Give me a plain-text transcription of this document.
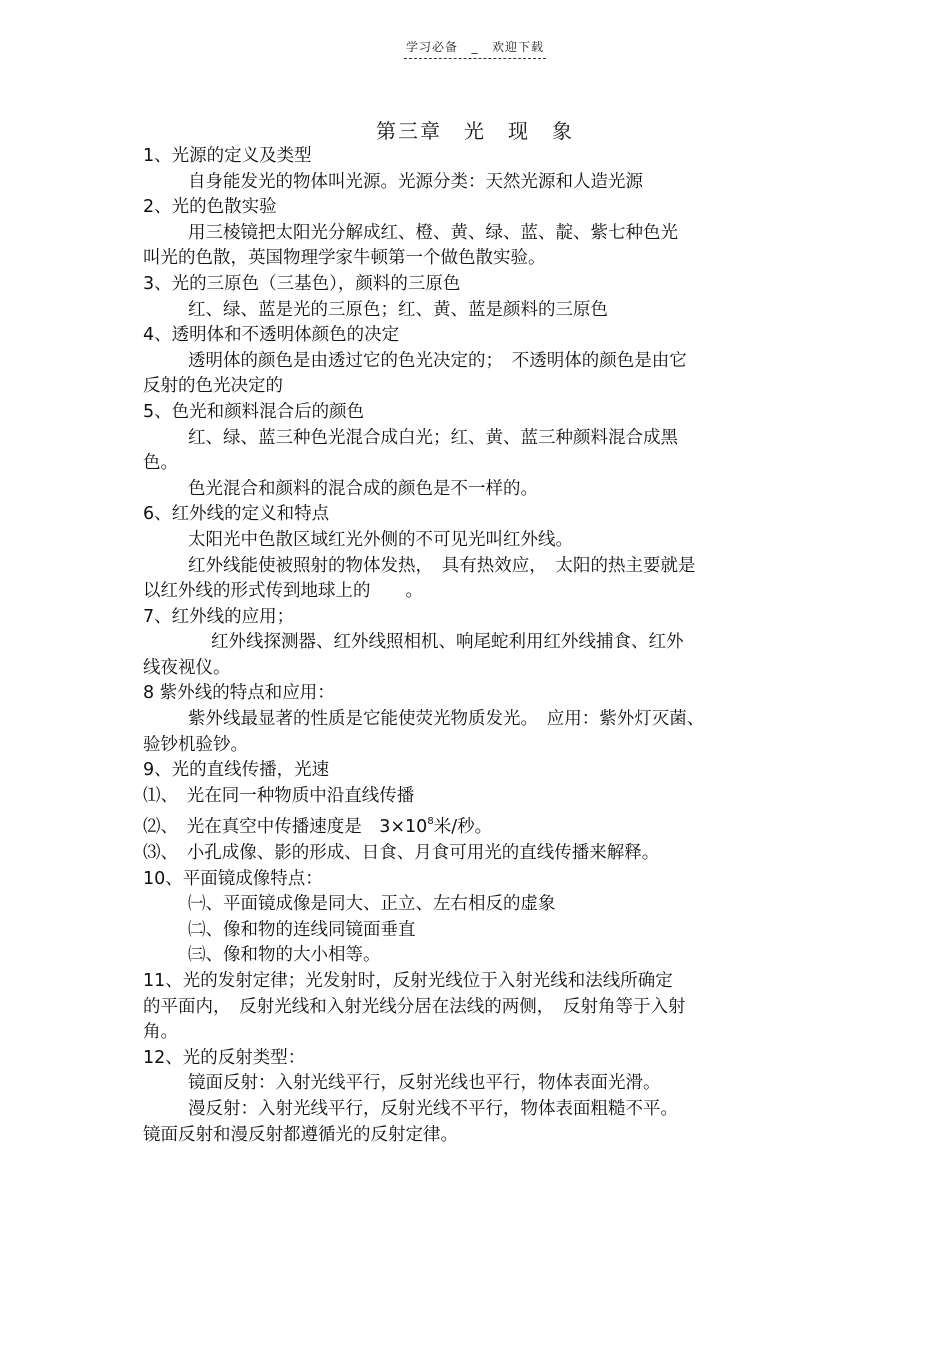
学习必备 _ 欢迎下载
第三章　光　现　象

1、光源的定义及类型

自身能发光的物体叫光源。光源分类：天然光源和人造光源

2、光的色散实验

用三棱镜把太阳光分解成红、橙、黄、绿、蓝、靛、紫七种色光

叫光的色散，英国物理学家牛顿第一个做色散实验。

3、光的三原色（三基色），颜料的三原色

红、绿、蓝是光的三原色；红、黄、蓝是颜料的三原色

4、透明体和不透明体颜色的决定

透明体的颜色是由透过它的色光决定的；　不透明体的颜色是由它

反射的色光决定的

5、色光和颜料混合后的颜色

红、绿、蓝三种色光混合成白光；红、黄、蓝三种颜料混合成黑

色。

色光混合和颜料的混合成的颜色是不一样的。

6、红外线的定义和特点

太阳光中色散区域红光外侧的不可见光叫红外线。

红外线能使被照射的物体发热，　具有热效应，　太阳的热主要就是

以红外线的形式传到地球上的　　。

7、红外线的应用；

红外线探测器、红外线照相机、响尾蛇利用红外线捕食、红外

线夜视仪。

8 紫外线的特点和应用：

紫外线最显著的性质是它能使荧光物质发光。　应用：紫外灯灭菌、

验钞机验钞。

9、光的直线传播，光速

⑴、　光在同一种物质中沿直线传播

⑵、　光在真空中传播速度是　$3\times 10^8$米/秒。

⑶、　小孔成像、影的形成、日食、月食可用光的直线传播来解释。

10、平面镜成像特点：

㈠、平面镜成像是同大、正立、左右相反的虚象

㈡、像和物的连线同镜面垂直

㈢、像和物的大小相等。

11、光的发射定律；光发射时，反射光线位于入射光线和法线所确定

的平面内，　反射光线和入射光线分居在法线的两侧，　反射角等于入射

角。

12、光的反射类型：

镜面反射：入射光线平行，反射光线也平行，物体表面光滑。

漫反射：入射光线平行，反射光线不平行，物体表面粗糙不平。

镜面反射和漫反射都遵循光的反射定律。
